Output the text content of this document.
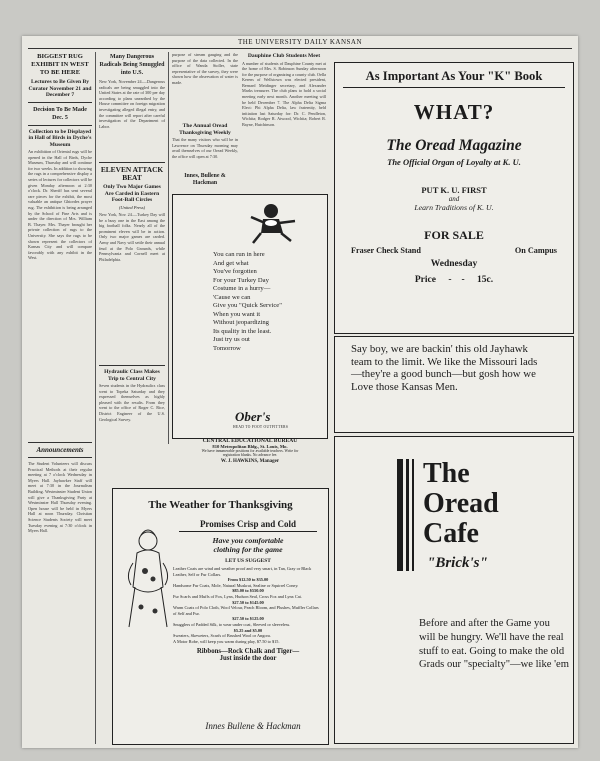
THE UNIVERSITY DAILY KANSAN
BIGGEST RUG EXHIBIT IN WEST TO BE HERE
Lectures to Be Given By Curator November 21 and December 7
Decision To Be Made Dec. 5
Collection to be Displayed in Hall of Birds in Dyche's Museum

An exhibition of Oriental rugs will be opened in the Hall of Birds, Dyche Museum, Thursday and will continue for two weeks. In addition to showing the rugs in a comprehensive display a series of lectures for collectors will be given Monday afternoon at 2:30 o'clock. Dr. Sheriff has sent several rare pieces for the exhibit, the most valuable an antique Ghiordes prayer rug. The exhibition is being arranged by the School of Fine Arts and is under the direction of Mrs. William B. Thayer. Mrs. Thayer brought her private collection of rugs to the University. She says the rugs to be shown represent the collectors of Kansas City and will compare favorably with any exhibit in the West.

Announcements

The Student Volunteers will discuss Practical Methods at their regular meeting at 7 o'clock Wednesday in Myers Hall. Jayhawker Staff will meet at 7:30 in the Journalism Building. Westminster Student Union will give a Thanksgiving Party at Westminster Hall Thursday evening. Open house will be held in Myers Hall at noon Thursday. Christian Science Students Society will meet Tuesday evening at 7:30 o'clock in Myers Hall.

Many Dangerous Radicals Being Smuggled into U.S.

New York, November 24.—Dangerous radicals are being smuggled into the United States at the rate of 300 per day according to plans unearthed by the House committee on foreign migration investigating alleged illegal entry, and the committee will report after careful investigation of the Department of Labor.

ELEVEN ATTACK BEAT
Only Two Major Games Are Carded in Eastern Foot-Ball Circles
(United Press)

New York, Nov. 24.—Turkey Day will be a busy one in the East among the big football folks. Nearly all of the prominent eleven will be in action. Only two major games are carded. Army and Navy will settle their annual feud at the Polo Grounds, while Pennsylvania and Cornell meet at Philadelphia.

Hydraulic Class Makes Trip to Central City

Seven students in the Hydraulics class went to Topeka Saturday and they expressed themselves as highly pleased with the results. From they went to the office of Roger C. Rice, District Engineer of the U.S. Geological Survey.

purpose of stream gauging and the purpose of the data collected. In the office of Wanda Stoller, state representative of the survey, they were shown how the observation of water is made.

The Annual Oread Thanksgiving Weekly

That the many visitors who will be in Lawrence on Thursday morning may avail themselves of our Oread Weekly, the office will open at 7:30.

Innes, Bullene & Hackman
Dauphine Club Students Meet

A number of students of Dauphine County met at the home of Mrs. S. Robinson Sunday afternoon for the purpose of organizing a county club. Oella Kerens of Wellstown was elected president, Bernard Meidinger secretary, and Alexander Marks treasurer. The club plans to hold a social meeting early next month. Another meeting will be held December 7. The Alpha Delta Sigma Elect: Phi Alpha Delta, law fraternity, held initiation last Saturday for: Dr. C. Pendleton, Wichita; Rodger R. Atwood, Wichita; Robert R. Bayne, Hutchinson.

You can run in here
And get what
You've forgotten
For your Turkey Day
Costume in a hurry—
'Cause we can
Give you "Quick Service"
When you want it
Without jeopardizing
Its quality in the least.
Just try us out
Tomorrow
Ober's
HEAD TO FOOT OUTFITTERS
CENTRAL EDUCATIONAL BUREAU
810 Metropolitan Bldg., St. Louis, Mo.
We have innumerable positions for available teachers. Write for
registration blanks. No advance fee.
W. J. HAWKINS, Manager
As Important As Your "K" Book
WHAT?
The Oread Magazine
The Official Organ of Loyalty at K. U.
PUT K. U. FIRST
and
Learn Traditions of K. U.
FOR SALE
Fraser Check Stand	On Campus
Wednesday
Price - - 15c.
Say boy, we are backin' this old Jayhawk team to the limit. We like the Missouri lads—they're a good bunch—but gosh how we Love those Kansas Men.
The Weather for Thanksgiving
Promises Crisp and Cold
Have you comfortable
clothing for the game
LET US SUGGEST
Leather Coats are wind and weather proof and very smart, in Tan, Gray or Black Leather, Self or Fur Collars.
From $12.50 to $35.00
Handsome Fur Coats, Mole, Natural Muskrat, Sealine or Squirrel Coney.
$85.00 to $550.00
Fur Scarfs and Muffs of Fox, Lynx, Hudson Seal, Cross Fox and Lynx Cat.
$27.50 to $145.00
Warm Coats of Polo Cloth, Wool Velour, Peach Bloom, and Plushes, Muffler Collars of Self and Fur.
$27.50 to $125.00
Snugglers of Padded Silk, to wear under coat, Sleeved or sleeveless.
$5.25 and $5.00
Sweaters, Skeweters, Scarfs of Brushed Wool or Angora.
A Motor Robe, will keep you warm during play, $7.50 to $15.
Ribbons—Rock Chalk and Tiger—
Just inside the door
Innes Bullene & Hackman
The
Oread
Cafe
"Brick's"
Before and after the Game you will be hungry. We'll have the real stuff to eat. Going to make the old Grads our "specialty"—we like 'em
